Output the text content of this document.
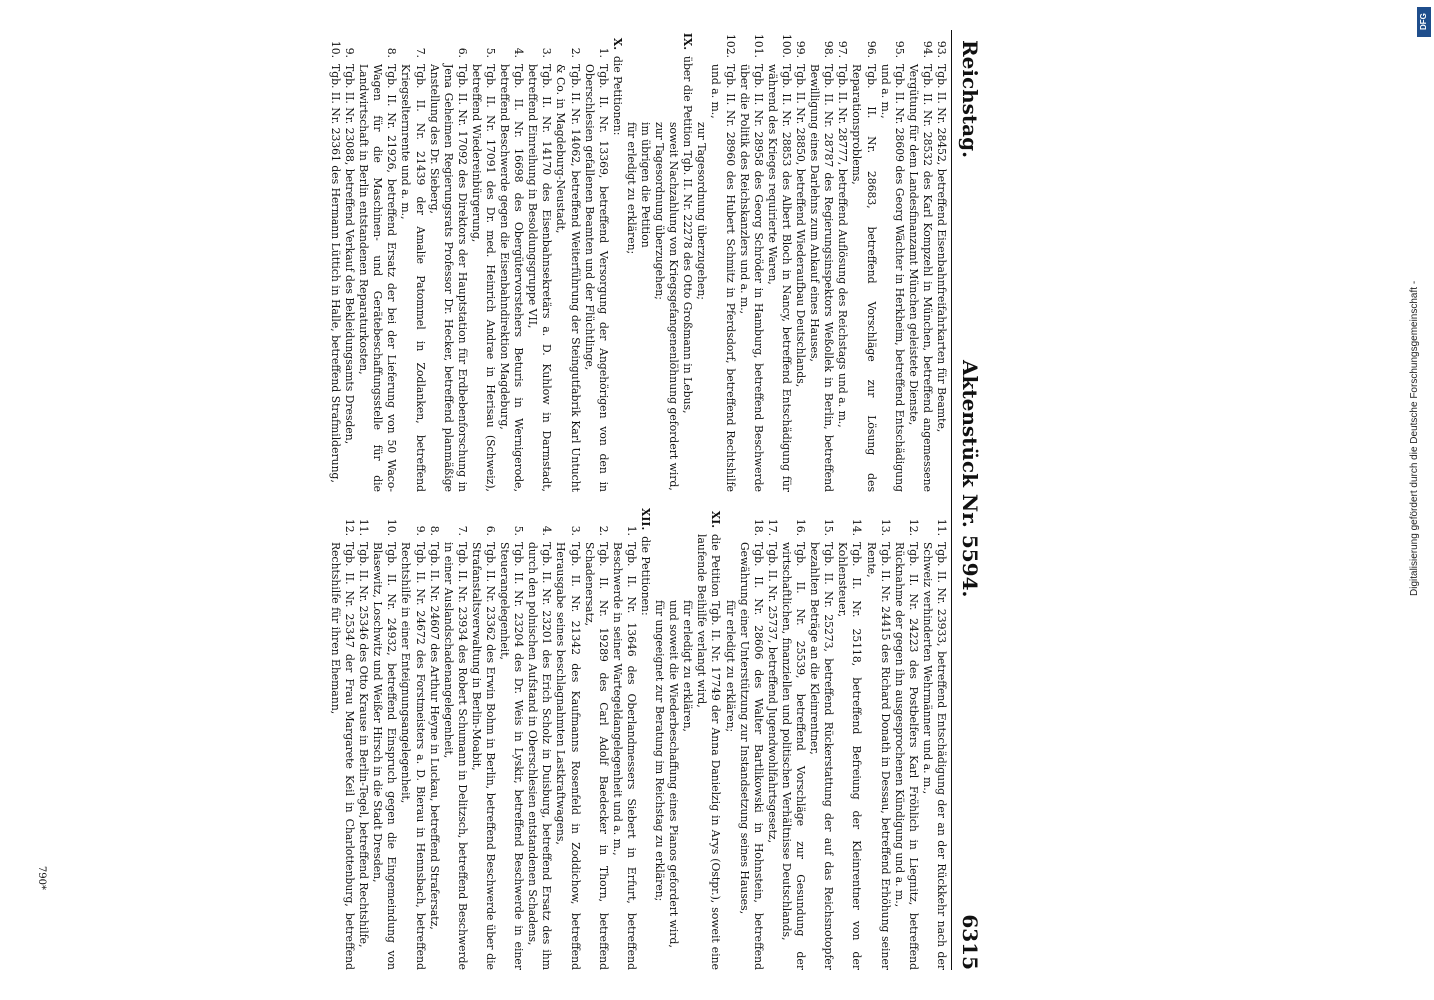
Reichstag.
Aktenstück Nr. 5594.
6315
93.
Tgb. II. Nr. 28452, betreffend Eisenbahnfreifahrkarten für Beamte,
94.
Tgb. II. Nr. 28532 des Karl Kompzehl in München, betreffend angemessene Vergütung für dem Landesfinanzamt München geleistete Dienste,
95.
Tgb. II. Nr. 28609 des Georg Wächter in Herkheim, betreffend Entschädigung und a. m.,
96.
Tgb. II. Nr. 28683, betreffend Vorschläge zur Lösung des Reparationsproblems,
97.
Tgb. II. Nr. 28777, betreffend Auflösung des Reichstags und a. m.,
98.
Tgb. II. Nr. 28787 des Regierungsinspektors Weßollek in Berlin, betreffend Bewilligung eines Darlehns zum Ankauf eines Hauses,
99.
Tgb. II. Nr. 28850, betreffend Wiederaufbau Deutschlands,
100.
Tgb. II. Nr. 28853 des Albert Bloch in Nancy, betreffend Entschädigung für während des Krieges requirierte Waren,
101.
Tgb. II. Nr. 28958 des Georg Schröder in Hamburg, betreffend Beschwerde über die Politik des Reichskanzlers und a. m.,
102.
Tgb. II. Nr. 28960 des Hubert Schmitz in Pferdsdorf, betreffend Rechtshilfe und a. m.,
zur Tagesordnung überzugehen;
IX.
über die Petition Tgb. II. Nr. 22278 des Otto Großmann in Lebus,
soweit Nachzahlung von Kriegsgefangenenlöhnung gefordert wird,
zur Tagesordnung überzugehen;
im übrigen die Petition
für erledigt zu erklären;
X.
die Petitionen:
1.
Tgb. II. Nr. 13369, betreffend Versorgung der Angehörigen von den in Oberschlesien gefallenen Beamten und der Flüchtlinge,
2.
Tgb. II. Nr. 14062, betreffend Weiterführung der Steingutfabrik Karl Untucht & Co. in Magdeburg-Neustadt,
3.
Tgb. II. Nr. 14170 des Eisenbahnsekretärs a. D. Kuhlow in Darmstadt, betreffend Einreihung in Besoldungsgruppe VII,
4.
Tgb. II. Nr. 16698 des Obergütervorstehers Beturis in Wernigerode, betreffend Beschwerde gegen die Eisenbahndirektion Magdeburg,
5.
Tgb. II. Nr. 17091 des Dr. med. Heinrich Andrae in Herisau (Schweiz), betreffend Wiedereinbürgerung,
6.
Tgb. II. Nr. 17092 des Direktors der Hauptstation für Erdbebenforschung in Jena Geheimen Regierungsrats Professor Dr. Hecker, betreffend planmäßige Anstellung des Dr. Sieberg,
7.
Tgb. II. Nr. 21439 der Amalie Patommel in Zodlanken, betreffend Kriegselternrente und a. m.,
8.
Tgb. II. Nr. 21926, betreffend Ersatz der bei der Lieferung von 50 Waco-Wagen für die Maschinen- und Gerätebeschaffungsstelle für die Landwirtschaft in Berlin entstandenen Reparaturkosten,
9.
Tgb. II. Nr. 23088, betreffend Verkauf des Bekleidungsamts Dresden,
10.
Tgb. II. Nr. 23361 des Hermann Lüttich in Halle, betreffend Strafmilderung,
11.
Tgb. II. Nr. 23933, betreffend Entschädigung der an der Rückkehr nach der Schweiz verhinderten Wehrmänner und a. m.,
12.
Tgb. II. Nr. 24223 des Postbelfers Karl Fröhlich in Liegnitz, betreffend Rücknahme der gegen ihn ausgesprochenen Kündigung und a. m.,
13.
Tgb. II. Nr. 24415 des Richard Donath in Dessau, betreffend Erhöhung seiner Rente,
14.
Tgb. II. Nr. 25118, betreffend Befreiung der Kleinrentner von der Kohlensteuer,
15.
Tgb. II. Nr. 25273, betreffend Rückerstattung der auf das Reichsnotopfer bezahlten Beträge an die Kleinrentner,
16.
Tgb. II. Nr. 25539, betreffend Vorschläge zur Gesundung der wirtschaftlichen, finanziellen und politischen Verhältnisse Deutschlands,
17.
Tgb. II. Nr. 25737, betreffend Jugendwohlfahrtsgesetz,
18.
Tgb. II. Nr. 28606 des Walter Bartlikowski in Hohnstein, betreffend Gewährung einer Unterstützung zur Instandsetzung seines Hauses,
für erledigt zu erklären;
XI.
die Petition Tgb. II. Nr. 17749 der Anna Danielzig in Arys (Ostpr.), soweit eine laufende Beihilfe verlangt wird,
für erledigt zu erklären,
und soweit die Wiederbeschaffung eines Pianos gefordert wird,
für ungeeignet zur Beratung im Reichstag zu erklären;
XII.
die Petitionen:
1.
Tgb. II. Nr. 13646 des Oberlandmessers Siebert in Erfurt, betreffend Beschwerde in seiner Wartegeldangelegenheit und a. m.,
2.
Tgb. II. Nr. 19289 des Carl Adolf Baedecker in Thorn, betreffend Schadenersatz,
3.
Tgb. II. Nr. 21342 des Kaufmanns Rosenfeld in Zoddichow, betreffend Herausgabe seines beschlagnahmten Lastkraftwagens,
4.
Tgb. II. Nr. 23201 des Erich Scholz in Duisburg, betreffend Ersatz des ihm durch den polnischen Aufstand in Oberschlesien entstandenen Schadens,
5.
Tgb. II. Nr. 23204 des Dr. Weis in Lyskir, betreffend Beschwerde in einer Steuerangelegenheit,
6.
Tgb. II. Nr. 23362 des Erwin Bohm in Berlin, betreffend Beschwerde über die Strafanstaltsverwaltung in Berlin-Moabit,
7.
Tgb. II. Nr. 23934 des Robert Schumann in Delitzsch, betreffend Beschwerde in einer Auslandschadenangelegenheit,
8.
Tgb. II. Nr. 24607 des Arthur Heyne in Luckau, betreffend Strafersatz,
9.
Tgb. II. Nr. 24672 des Forstmeisters a. D. Bierau in Hennsbach, betreffend Rechtshilfe in einer Enteignungsangelegenheit,
10.
Tgb. II. Nr. 24932, betreffend Einspruch gegen die Eingemeindung von Blasewitz, Loschwitz und Weißer Hirsch in die Stadt Dresden,
11.
Tgb. II. Nr. 25346 des Otto Krause in Berlin-Tegel, betreffend Rechtshilfe,
12.
Tgb. II. Nr. 25347 der Frau Margarete Keil in Charlottenburg, betreffend Rechtshilfe für ihren Ehemann,
790*
Digitalisierung gefördert durch die Deutsche Forschungsgemeinschaft -
DFG
